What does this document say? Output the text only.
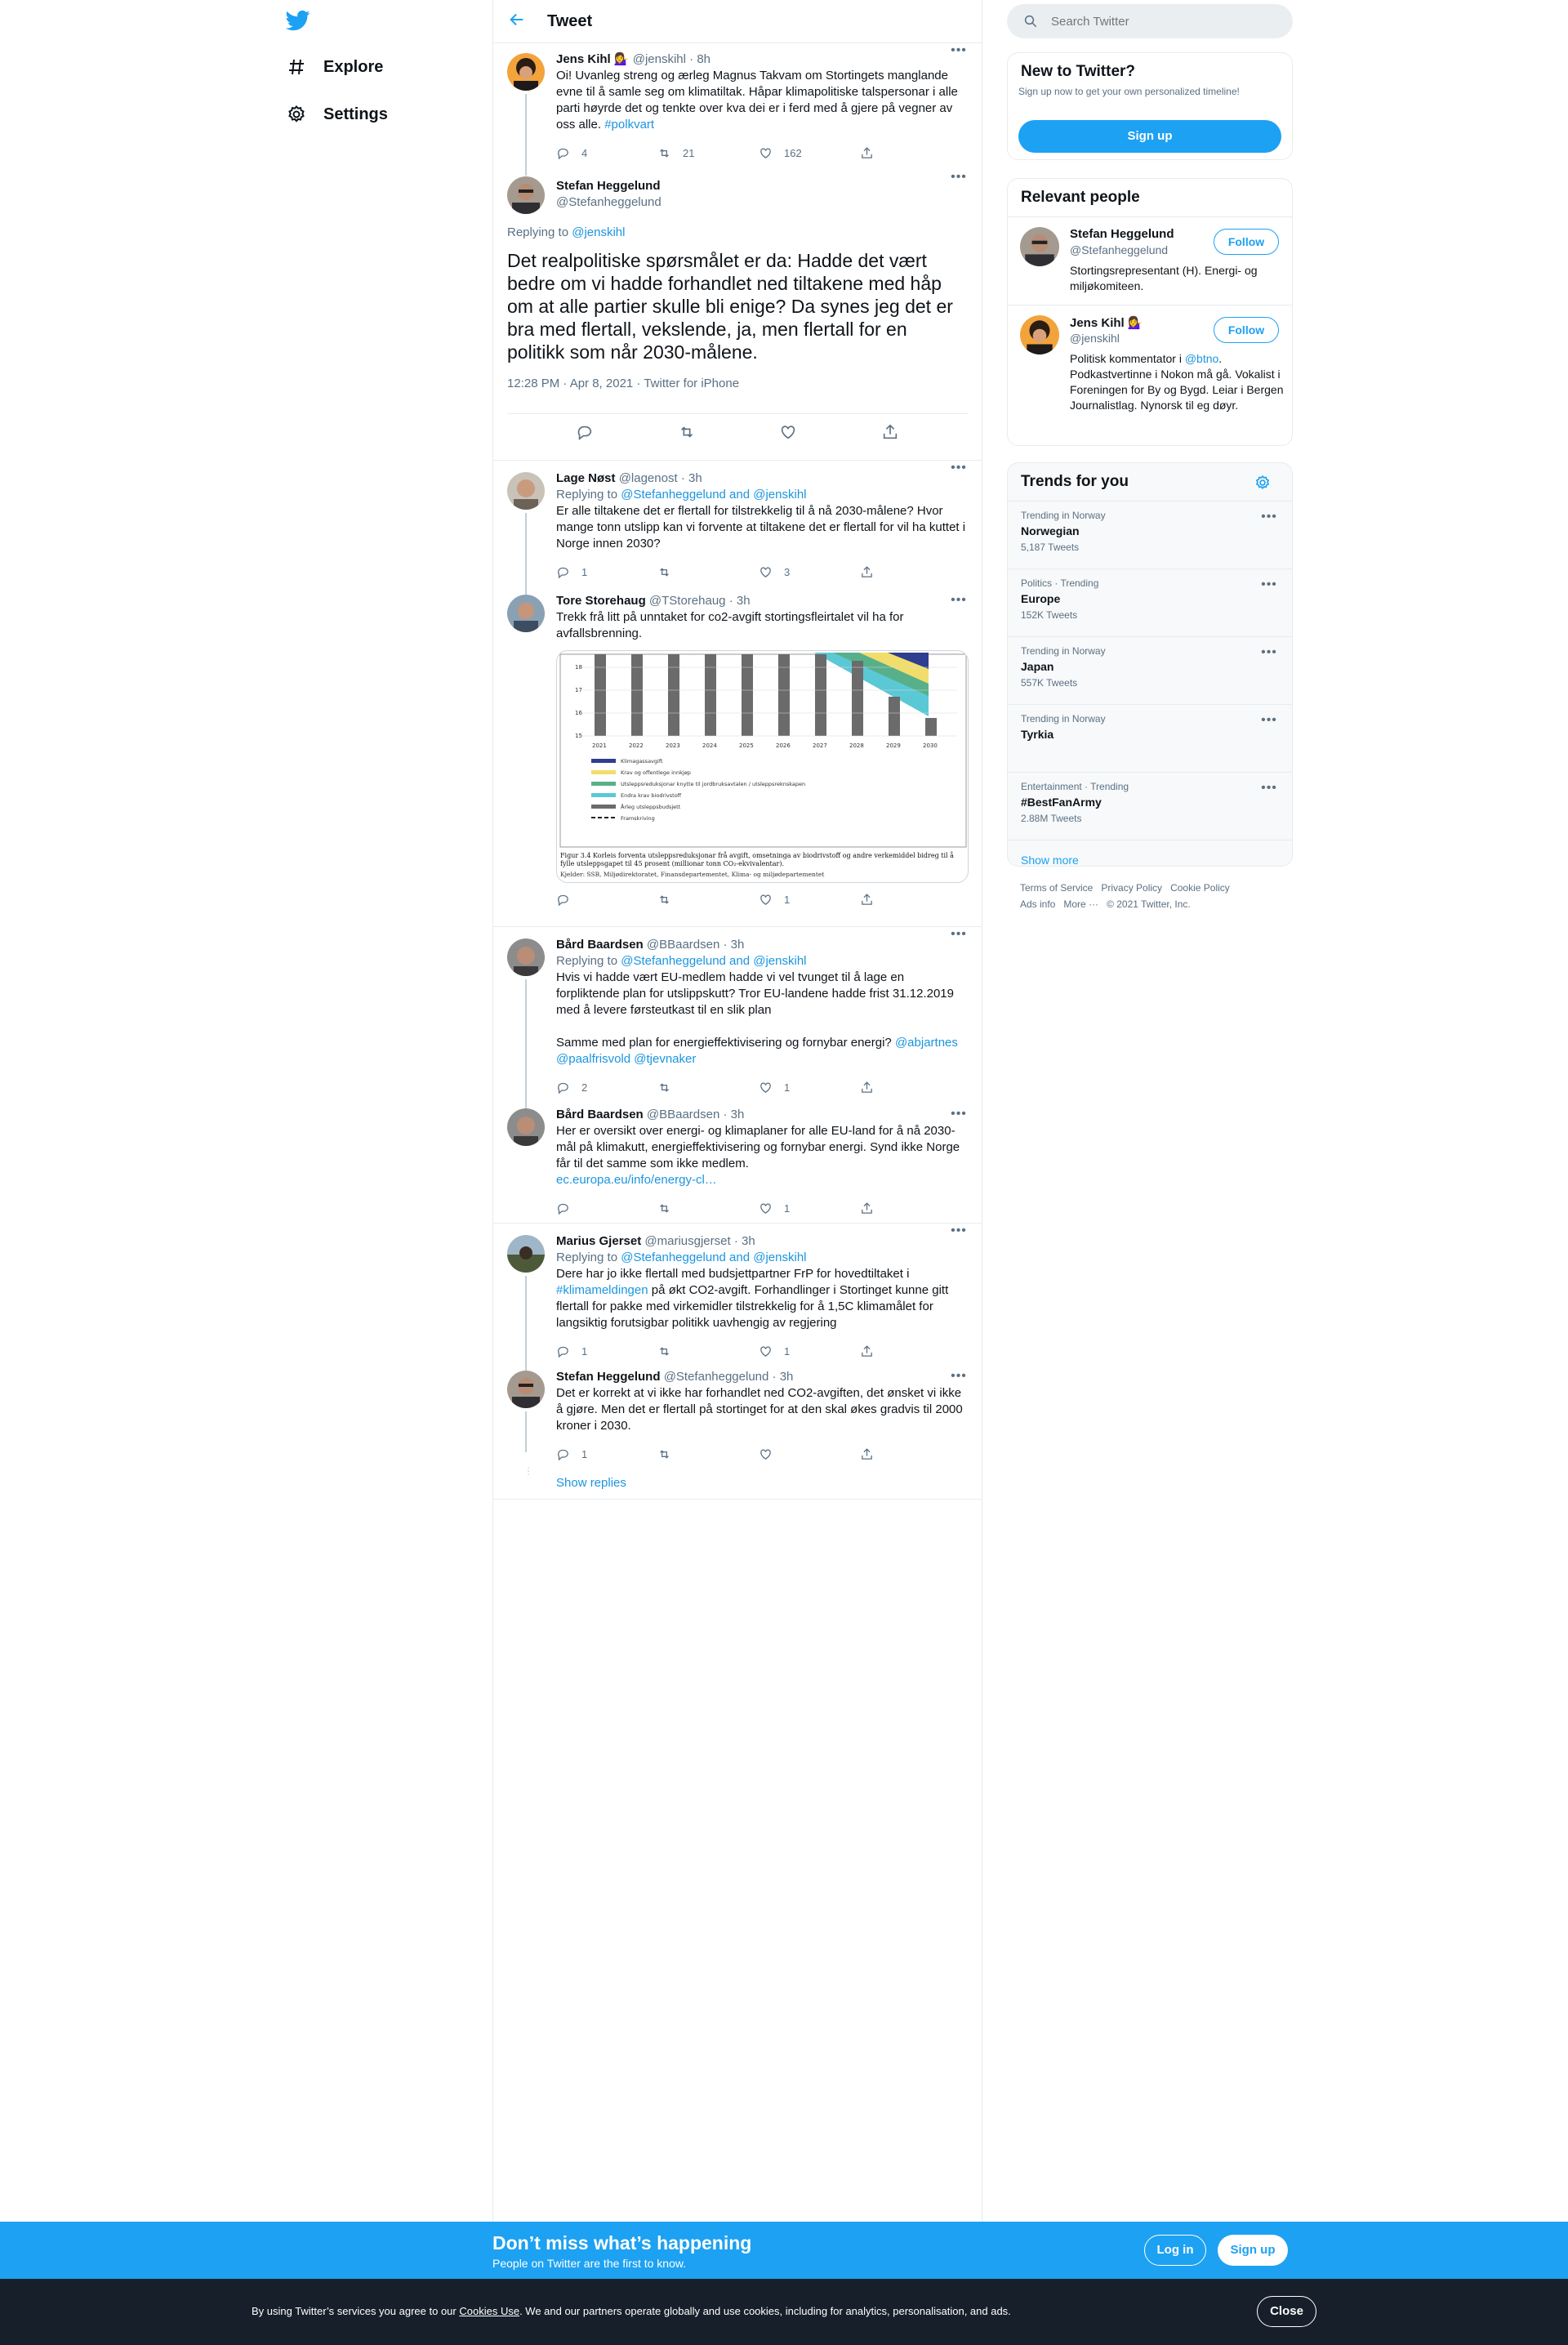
Explore
Settings
Tweet
Jens Kihl 💁‍♀️ @jenskihl · 8h
•••
Oi! Uvanleg streng og ærleg Magnus Takvam om Stortingets manglande evne til å samle seg om klimatiltak. Håpar klimapolitiske talspersonar i alle parti høyrde det og tenkte over kva dei er i ferd med å gjere på vegner av oss alle. #polkvart
4	21	162
Stefan Heggelund
@Stefanheggelund
•••
Replying to @jenskihl
Det realpolitiske spørsmålet er da: Hadde det vært bedre om vi hadde forhandlet ned tiltakene med håp om at alle partier skulle bli enige? Da synes jeg det er bra med flertall, vekslende, ja, men flertall for en politikk som når 2030-målene.
12:28 PM · Apr 8, 2021 · Twitter for iPhone
Lage Nøst @lagenost · 3h
•••
Replying to @Stefanheggelund and @jenskihl
Er alle tiltakene det er flertall for tilstrekkelig til å nå 2030-målene? Hvor mange tonn utslipp kan vi forvente at tiltakene det er flertall for vil ha kuttet i Norge innen 2030?
1	3
Tore Storehaug @TStorehaug · 3h	•••
Trekk frå litt på unntaket for co2-avgift stortingsfleirtalet vil ha for avfallsbrenning.
18
17
16
15
2021	2022	2023	2024	2025	2026	2027	2028	2029	2030
Klimagassavgift
Krav og offentlege innkjøp
Utsleppsreduksjonar knytte til jordbruksavtalen / utsleppsreknskapen
Endra krav biodrivstoff
Årleg utsleppsbudsjett
Framskriving
Figur 3.4 Korleis forventa utsleppsreduksjonar frå avgift, omsetninga av biodrivstoff og andre verkemiddel bidreg til å fylle utsleppsgapet til 45 prosent (millionar tonn CO₂-ekvivalentar).
Kjelder: SSB, Miljødirektoratet, Finansdepartementet, Klima- og miljødepartementet
1
Bård Baardsen @BBaardsen · 3h
•••
Replying to @Stefanheggelund and @jenskihl
Hvis vi hadde vært EU-medlem hadde vi vel tvunget til å lage en forpliktende plan for utslippskutt? Tror EU-landene hadde frist 31.12.2019 med å levere førsteutkast til en slik plan
Samme med plan for energieffektivisering og fornybar energi? @abjartnes @paalfrisvold @tjevnaker
2	1
Bård Baardsen @BBaardsen · 3h	•••
Her er oversikt over energi- og klimaplaner for alle EU-land for å nå 2030-mål på klimakutt, energieffektivisering og fornybar energi. Synd ikke Norge får til det samme som ikke medlem.
ec.europa.eu/info/energy-cl…
1
Marius Gjerset @mariusgjerset · 3h
•••
Replying to @Stefanheggelund and @jenskihl
Dere har jo ikke flertall med budsjettpartner FrP for hovedtiltaket i #klimameldingen på økt CO2-avgift. Forhandlinger i Stortinget kunne gitt flertall for pakke med virkemidler tilstrekkelig for å 1,5C klimamålet for langsiktig forutsigbar politikk uavhengig av regjering
1	1
Stefan Heggelund @Stefanheggelund · 3h	•••
Det er korrekt at vi ikke har forhandlet ned CO2-avgiften, det ønsket vi ikke å gjøre. Men det er flertall på stortinget for at den skal økes gradvis til 2000 kroner i 2030.
1
⋮
Show replies
Search Twitter
New to Twitter?
Sign up now to get your own personalized timeline!
Sign up
Relevant people
Stefan Heggelund
@Stefanheggelund
Stortingsrepresentant (H). Energi- og miljøkomiteen.
Follow
Jens Kihl 💁‍♀️
@jenskihl
Politisk kommentator i @btno. Podkastvertinne i Nokon må gå. Vokalist i Foreningen for By og Bygd. Leiar i Bergen Journalistlag. Nynorsk til eg døyr.
Follow
Trends for you
Trending in Norway
Norwegian
5,187 Tweets
•••
Politics · Trending
Europe
152K Tweets
•••
Trending in Norway
Japan
557K Tweets
•••
Trending in Norway
Tyrkia
•••
Entertainment · Trending
#BestFanArmy
2.88M Tweets
•••
Show more
Terms of Service Privacy Policy Cookie Policy
Ads info More ··· © 2021 Twitter, Inc.
Don’t miss what’s happening
People on Twitter are the first to know.
Log in	Sign up
By using Twitter’s services you agree to our Cookies Use. We and our partners operate globally and use cookies, including for analytics, personalisation, and ads.	Close
